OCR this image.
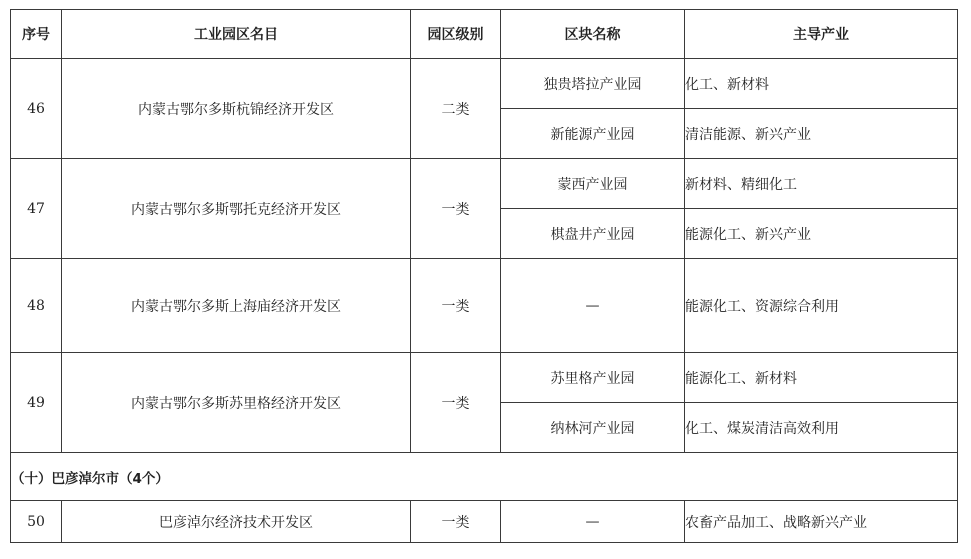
序号	工业园区名目	园区级别	区块名称	主导产业
46	内蒙古鄂尔多斯杭锦经济开发区	二类	独贵塔拉产业园	化工、新材料
			新能源产业园	清洁能源、新兴产业
47	内蒙古鄂尔多斯鄂托克经济开发区	一类	蒙西产业园	新材料、精细化工
			棋盘井产业园	能源化工、新兴产业
48	内蒙古鄂尔多斯上海庙经济开发区	一类	—	能源化工、资源综合利用
49	内蒙古鄂尔多斯苏里格经济开发区	一类	苏里格产业园	能源化工、新材料
			纳林河产业园	化工、煤炭清洁高效利用
（十）巴彦淖尔市（4个）				
50	巴彦淖尔经济技术开发区	一类	—	农畜产品加工、战略新兴产业
